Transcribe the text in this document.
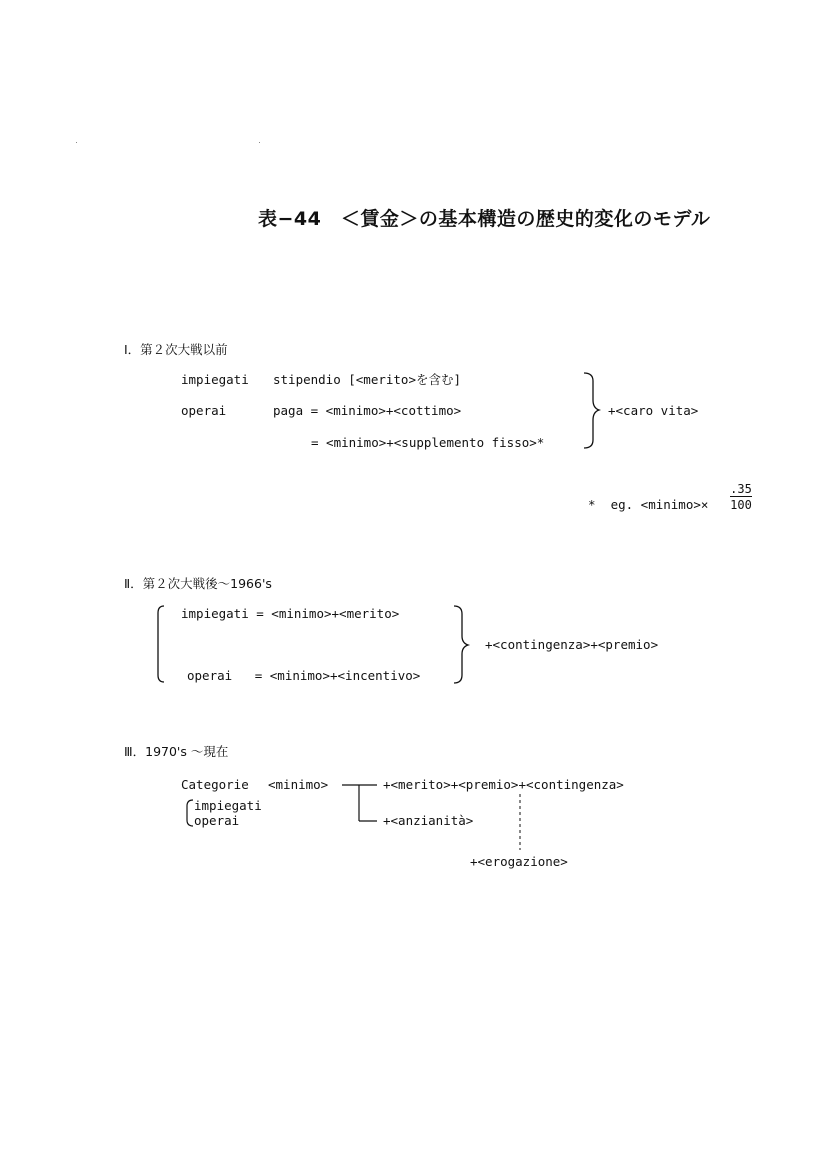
表−44　＜賃金＞の基本構造の歴史的変化のモデル
Ⅰ．第２次大戦以前
impiegati stipendio [<merito>を含む]
operai	paga = <minimo>+<cottimo>
= <minimo>+<supplemento fisso>*
+<caro vita>
*  eg. <minimo>×
.35
100
Ⅱ．第２次大戦後〜1966's
impiegati = <minimo>+<merito>
operai   = <minimo>+<incentivo>
+<contingenza>+<premio>
Ⅲ．1970's 〜現在
Categorie <minimo>	+<merito>+<premio>+<contingenza>
impiegati
operai	+<anzianità>
+<erogazione>
